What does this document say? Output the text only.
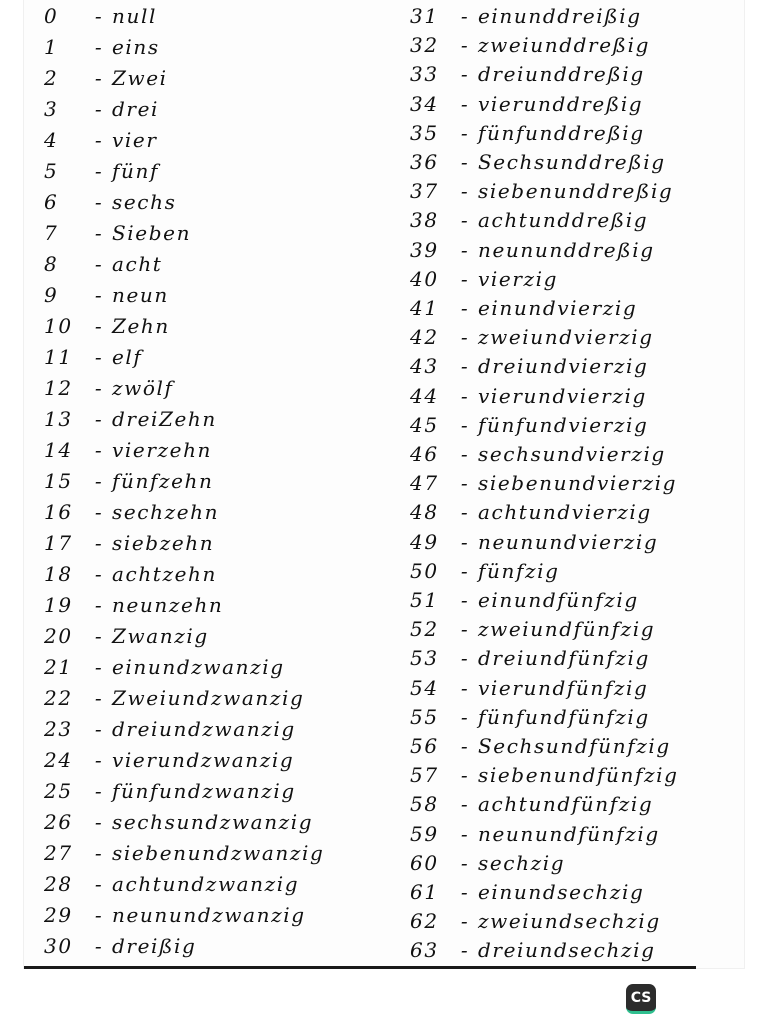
0 - null
1 - eins
2 - Zwei
3 - drei
4 - vier
5 - fünf
6 - sechs
7 - Sieben
8 - acht
9 - neun
10 - Zehn
11 - elf
12 - zwölf
13 - dreiZehn
14 - vierzehn
15 - fünfzehn
16 - sechzehn
17 - siebzehn
18 - achtzehn
19 - neunzehn
20 - Zwanzig
21 - einundzwanzig
22 - Zweiundzwanzig
23 - dreiundzwanzig
24 - vierundzwanzig
25 - fünfundzwanzig
26 - sechsundzwanzig
27 - siebenundzwanzig
28 - achtundzwanzig
29 - neunundzwanzig
30 - dreißig
31 - einunddreißig
32 - zweiunddreßig
33 - dreiunddreßig
34 - vierunddreßig
35 - fünfunddreßig
36 - Sechsunddreßig
37 - siebenunddreßig
38 - achtunddreßig
39 - neununddreßig
40 - vierzig
41 - einundvierzig
42 - zweiundvierzig
43 - dreiundvierzig
44 - vierundvierzig
45 - fünfundvierzig
46 - sechsundvierzig
47 - siebenundvierzig
48 - achtundvierzig
49 - neunundvierzig
50 - fünfzig
51 - einundfünfzig
52 - zweiundfünfzig
53 - dreiundfünfzig
54 - vierundfünfzig
55 - fünfundfünfzig
56 - Sechsundfünfzig
57 - siebenundfünfzig
58 - achtundfünfzig
59 - neunundfünfzig
60 - sechzig
61 - einundsechzig
62 - zweiundsechzig
63 - dreiundsechzig
CS
